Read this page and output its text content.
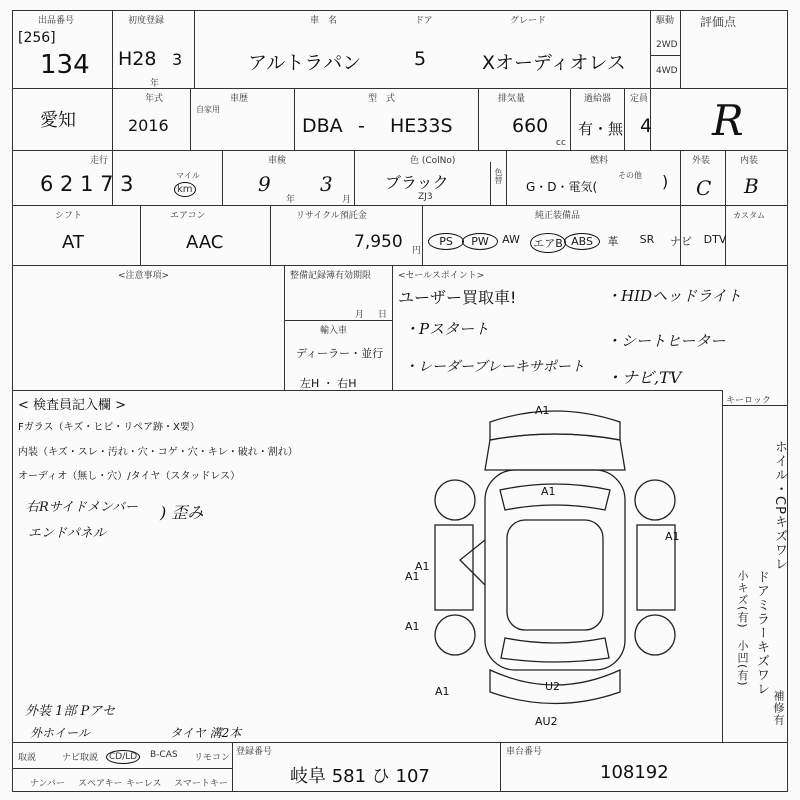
出品番号
[256]
134
初度登録
H28 3
年
車　名
アルトラパン
ドア
5
グレード
Xオーディオレス
駆動
2WD
4WD
評価点
R
愛知
年式
2016
車歴
自家用
型　式
DBA - HE33S
排気量
660
cc
過給器
有・無
定員
4
走行
6 2 1 7 3	マイル
km
車検
9
年
3
月
色 (ColNo)
ブラック
ZJ3
色替
燃料
G・D・電気(
その他 )
外装
C
内装
B
シフト
AT
エアコン
AAC
リサイクル預託金
7,950 円
純正装備品	カスタム
PS	PW	AW	エアB ABS	革	SR	ナビ	DTV
<注意事項>	整備記録簿有効期限
月 日
輸入車
ディーラー・並行
左H ・ 右H
<セールスポイント>
ユーザー買取車!
・Pスタート
・レーダーブレーキサポート
・HIDヘッドライト
・シートヒーター
・ナビ,TV
キーロック
ホイル・CPキズワレ
ドアミラーキズワレ
小キズ(有)
小凹(有)
補修有
< 検査員記入欄 >
Fガラス（キズ・ヒビ・リペア跡・X要）
内装（キズ・スレ・汚れ・穴・コゲ・穴・キレ・破れ・割れ）
オーディオ（無し・穴）/タイヤ（スタッドレス）
右Rサイドメンバー
エンドパネル
) 歪み
外装 1部 Pアセ
外ホイール	タイヤ 溝2本
A1
A1
A1
A1
A1
A1
A1
U2
AU2
取説	ナビ取説	CD/LD	B-CAS リモコン
ナンバー スペアキー キーレス スマートキー
登録番号
岐阜 581 ひ 107
車台番号
108192
